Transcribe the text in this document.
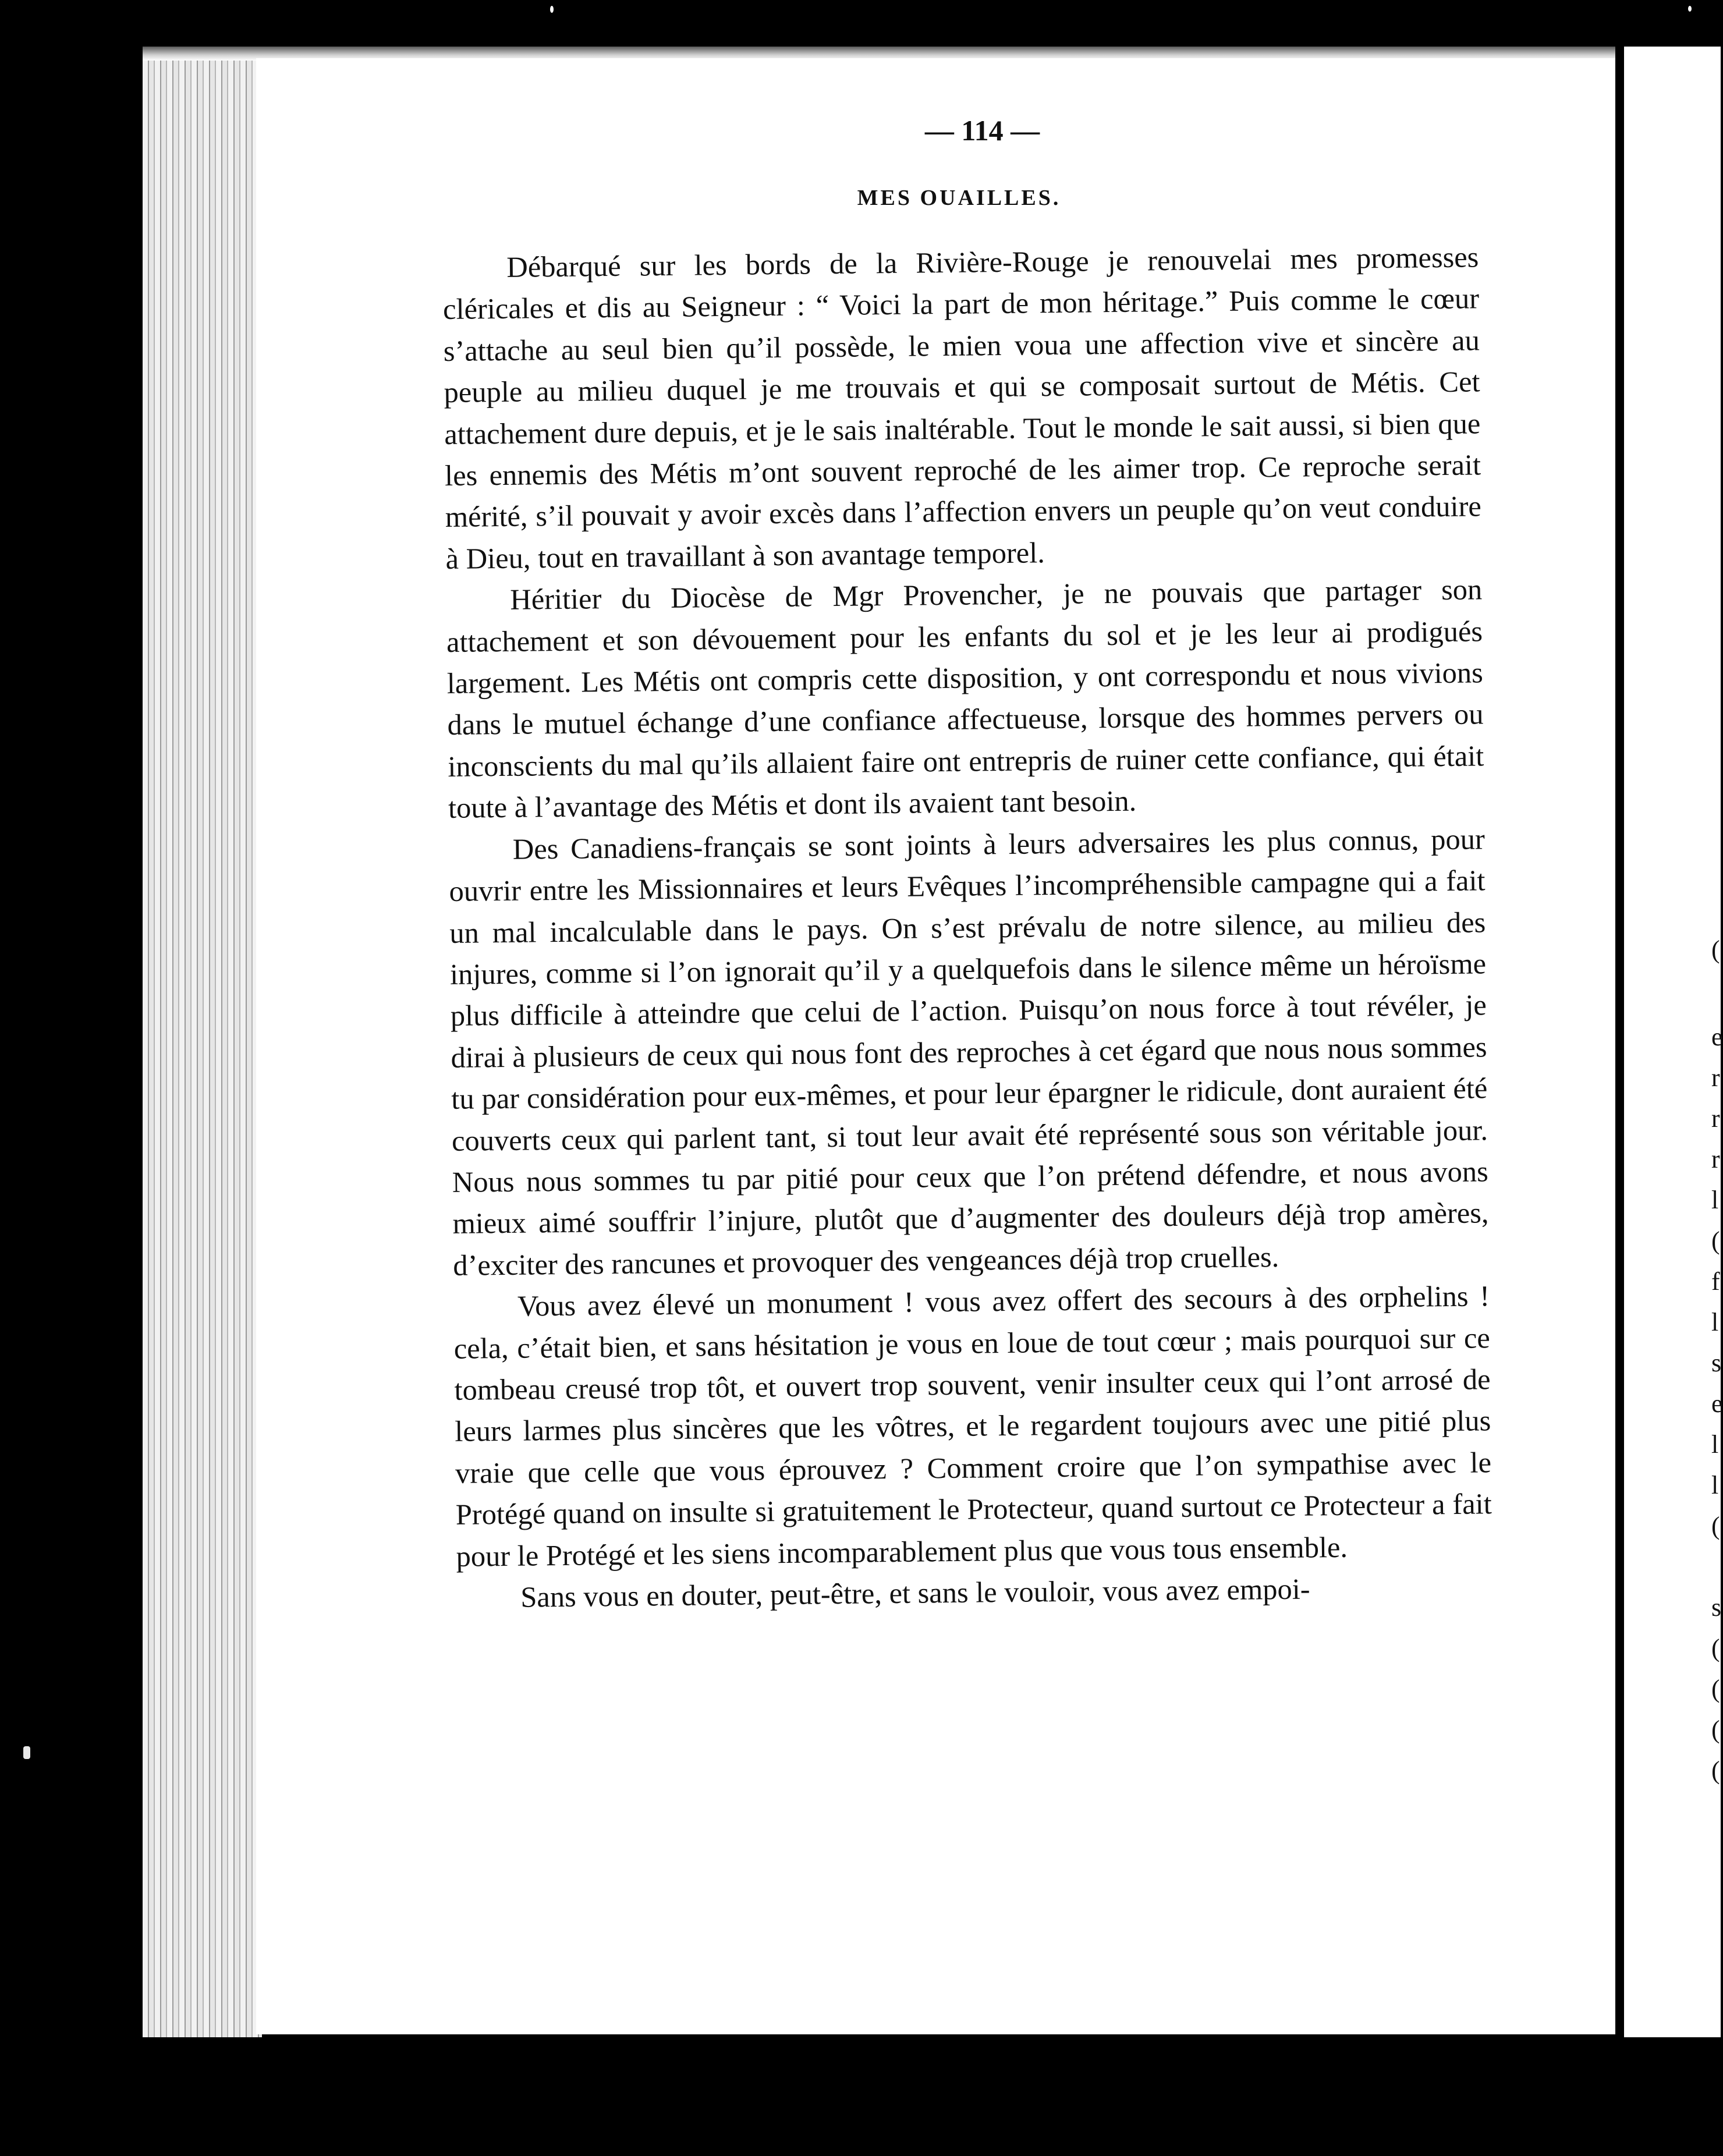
— 114 —
MES OUAILLES.

Débarqué sur les bords de la Rivière-Rouge je renouvelai mes promesses cléricales et dis au Seigneur : “ Voici la part de mon héritage.” Puis comme le cœur s’attache au seul bien qu’il possède, le mien voua une affection vive et sincère au peuple au milieu duquel je me trouvais et qui se composait surtout de Métis. Cet attachement dure depuis, et je le sais inaltérable. Tout le monde le sait aussi, si bien que les ennemis des Métis m’ont souvent reproché de les aimer trop. Ce reproche serait mérité, s’il pouvait y avoir excès dans l’affection envers un peuple qu’on veut conduire à Dieu, tout en travaillant à son avantage temporel.

Héritier du Diocèse de Mgr Provencher, je ne pouvais que partager son attachement et son dévouement pour les enfants du sol et je les leur ai prodigués largement. Les Métis ont compris cette disposition, y ont correspondu et nous vivions dans le mutuel échange d’une confiance affectueuse, lorsque des hommes pervers ou inconscients du mal qu’ils allaient faire ont entrepris de ruiner cette confiance, qui était toute à l’avantage des Métis et dont ils avaient tant besoin.

Des Canadiens-français se sont joints à leurs adversaires les plus connus, pour ouvrir entre les Missionnaires et leurs Evêques l’incompréhensible campagne qui a fait un mal incalculable dans le pays. On s’est prévalu de notre silence, au milieu des injures, comme si l’on ignorait qu’il y a quelquefois dans le silence même un héroïsme plus difficile à atteindre que celui de l’action. Puisqu’on nous force à tout révéler, je dirai à plusieurs de ceux qui nous font des reproches à cet égard que nous nous sommes tu par considération pour eux-mêmes, et pour leur épargner le ridicule, dont auraient été couverts ceux qui parlent tant, si tout leur avait été représenté sous son véritable jour. Nous nous sommes tu par pitié pour ceux que l’on prétend défendre, et nous avons mieux aimé souffrir l’injure, plutôt que d’augmenter des douleurs déjà trop amères, d’exciter des rancunes et provoquer des vengeances déjà trop cruelles.

Vous avez élevé un monument ! vous avez offert des secours à des orphelins ! cela, c’était bien, et sans hésitation je vous en loue de tout cœur ; mais pourquoi sur ce tombeau creusé trop tôt, et ouvert trop souvent, venir insulter ceux qui l’ont arrosé de leurs larmes plus sincères que les vôtres, et le regardent toujours avec une pitié plus vraie que celle que vous éprouvez ? Comment croire que l’on sympathise avec le Protégé quand on insulte si gratuitement le Protecteur, quand surtout ce Protecteur a fait pour le Protégé et les siens incomparablement plus que vous tous ensemble.

Sans vous en douter, peut-être, et sans le vouloir, vous avez empoi-

(
e
r
r
r
l
(
f
l
s
e
l
l
(
s
(
(
(
(
